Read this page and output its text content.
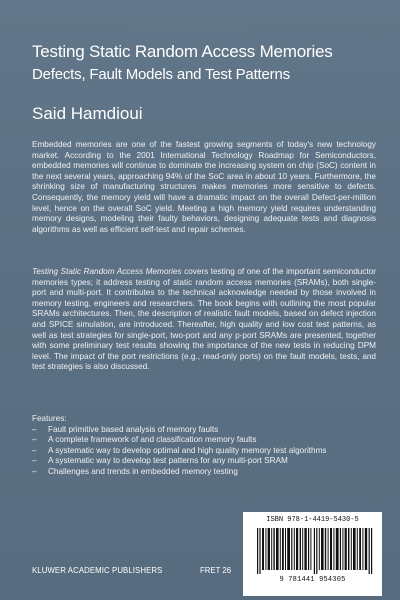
Testing Static Random Access Memories
Defects, Fault Models and Test Patterns
Said Hamdioui

Embedded memories are one of the fastest growing segments of today's new technology market. According to the 2001 International Technology Roadmap for Semiconductors, embedded memories will continue to dominate the increasing system on chip (SoC) content in the next several years, approaching 94% of the SoC area in about 10 years. Furthermore, the shrinking size of manufacturing structures makes memories more sensitive to defects. Consequently, the memory yield will have a dramatic impact on the overall Defect-per-million level, hence on the overall SoC yield. Meeting a high memory yield requires understanding memory designs, modeling their faulty behaviors, designing adequate tests and diagnosis algorithms as well as efficient self-test and repair schemes.

Testing Static Random Access Memories covers testing of one of the important semiconductor memories types; it address testing of static random access memories (SRAMs), both single-port and multi-port. It contributes to the technical acknowledge needed by those involved in memory testing, engineers and researchers. The book begins with outlining the most popular SRAMs architectures. Then, the description of realistic fault models, based on defect injection and SPICE simulation, are introduced. Thereafter, high quality and low cost test patterns, as well as test strategies for single-port, two-port and any p-port SRAMs are presented, together with some preliminary test results showing the importance of the new tests in reducing DPM level. The impact of the port restrictions (e.g., read-only ports) on the fault models, tests, and test strategies is also discussed.

Features:
– Fault primitive based analysis of memory faults
– A complete framework of and classification memory faults
– A systematic way to develop optimal and high quality memory test algorithms
– A systematic way to develop test patterns for any multi-port SRAM
– Challenges and trends in embedded memory testing
ISBN 978-1-4419-5430-5
9 781441 954305
KLUWER ACADEMIC PUBLISHERS	FRET 26
